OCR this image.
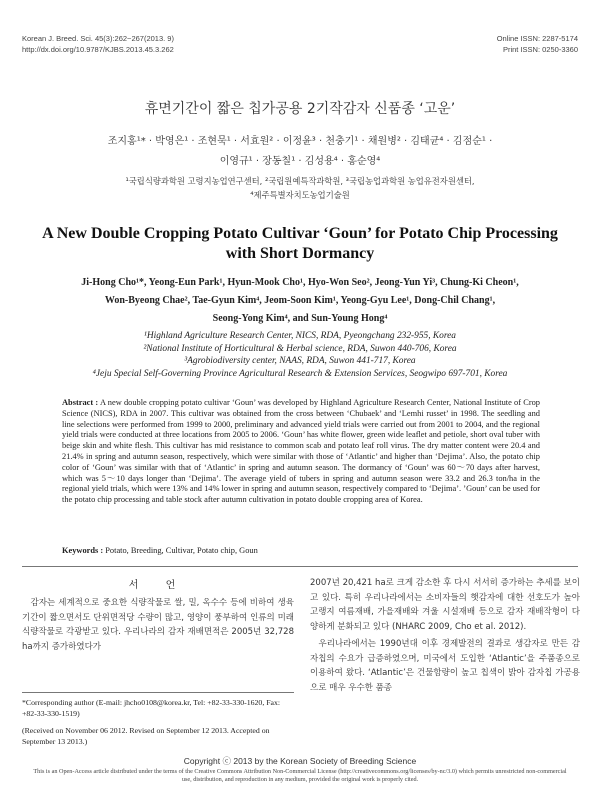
Korean J. Breed. Sci. 45(3):262~267(2013. 9)
http://dx.doi.org/10.9787/KJBS.2013.45.3.262
Online ISSN: 2287-5174
Print ISSN: 0250-3360
휴면기간이 짧은 칩가공용 2기작감자 신품종 ‘고운’
조지홍¹* · 박영은¹ · 조현묵¹ · 서효원² · 이정윤³ · 천충기¹ · 채원병² · 김태균⁴ · 김점순¹ ·
이영규¹ · 장동칠¹ · 김성용⁴ · 홍순영⁴
¹국립식량과학원 고령지농업연구센터, ²국립원예특작과학원, ³국립농업과학원 농업유전자원센터,
⁴제주특별자치도농업기술원
A New Double Cropping Potato Cultivar ‘Goun’ for Potato Chip Processing
with Short Dormancy
Ji-Hong Cho¹*, Yeong-Eun Park¹, Hyun-Mook Cho¹, Hyo-Won Seo², Jeong-Yun Yi³, Chung-Ki Cheon¹,
Won-Byeong Chae², Tae-Gyun Kim⁴, Jeom-Soon Kim¹, Yeong-Gyu Lee¹, Dong-Chil Chang¹,
Seong-Yong Kim⁴, and Sun-Young Hong⁴
¹Highland Agriculture Research Center, NICS, RDA, Pyeongchang 232-955, Korea
²National Institute of Horticultural & Herbal science, RDA, Suwon 440-706, Korea
³Agrobiodiversity center, NAAS, RDA, Suwon 441-717, Korea
⁴Jeju Special Self-Governing Province Agricultural Research & Extension Services, Seogwipo 697-701, Korea
Abstract : A new double cropping potato cultivar ‘Goun’ was developed by Highland Agriculture Research Center, National Institute of Crop Science (NICS), RDA in 2007. This cultivar was obtained from the cross between ‘Chubaek’ and ‘Lemhi russet’ in 1998. The seedling and line selections were performed from 1999 to 2000, preliminary and advanced yield trials were carried out from 2001 to 2004, and the regional yield trials were conducted at three locations from 2005 to 2006. ‘Goun’ has white flower, green wide leaflet and petiole, short oval tuber with beige skin and white flesh. This cultivar has mid resistance to common scab and potato leaf roll virus. The dry matter content were 20.4 and 21.4% in spring and autumn season, respectively, which were similar with those of ‘Atlantic’ and higher than ‘Dejima’. Also, the potato chip color of ‘Goun’ was similar with that of ‘Atlantic’ in spring and autumn season. The dormancy of ‘Goun’ was 60～70 days after harvest, which was 5～10 days longer than ‘Dejima’. The average yield of tubers in spring and autumn season were 33.2 and 26.3 ton/ha in the regional yield trials, which were 13% and 14% lower in spring and autumn season, respectively compared to ‘Dejima’. ’Goun’ can be used for the potato chip processing and table stock after autumn cultivation in potato double cropping area of Korea.
Keywords : Potato, Breeding, Cultivar, Potato chip, Goun
서 언
감자는 세계적으로 중요한 식량작물로 쌀, 밀, 옥수수 등에 비하여 생육기간이 짧으면서도 단위면적당 수량이 많고, 영양이 풍부하여 인류의 미래 식량작물로 각광받고 있다. 우리나라의 감자 재배면적은 2005년 32,728 ha까지 증가하였다가
*Corresponding author (E-mail: jhcho0108@korea.kr, Tel: +82-33-330-1620, Fax: +82-33-330-1519)
(Received on November 06 2012. Revised on September 12 2013. Accepted on September 13 2013.)
2007년 20,421 ha로 크게 감소한 후 다시 서서히 증가하는 추세를 보이고 있다. 특히 우리나라에서는 소비자들의 햇감자에 대한 선호도가 높아 고랭지 여름재배, 가을재배와 겨울 시설재배 등으로 감자 재배작형이 다양하게 분화되고 있다 (NHARC 2009, Cho et al. 2012).
우리나라에서는 1990년대 이후 경제발전의 결과로 생감자로 만든 감자칩의 수요가 급증하였으며, 미국에서 도입한 ‘Atlantic’을 주품종으로 이용하여 왔다. ‘Atlantic’은 건물함량이 높고 칩색이 밝아 감자칩 가공용으로 매우 우수한 품종
Copyright ⓒ 2013 by the Korean Society of Breeding Science
This is an Open-Access article distributed under the terms of the Creative Commons Attribution Non-Commercial License (http://creativecommons.org/licenses/by-nc/3.0) which permits unrestricted non-commercial use, distribution, and reproduction in any medium, provided the original work is properly cited.
